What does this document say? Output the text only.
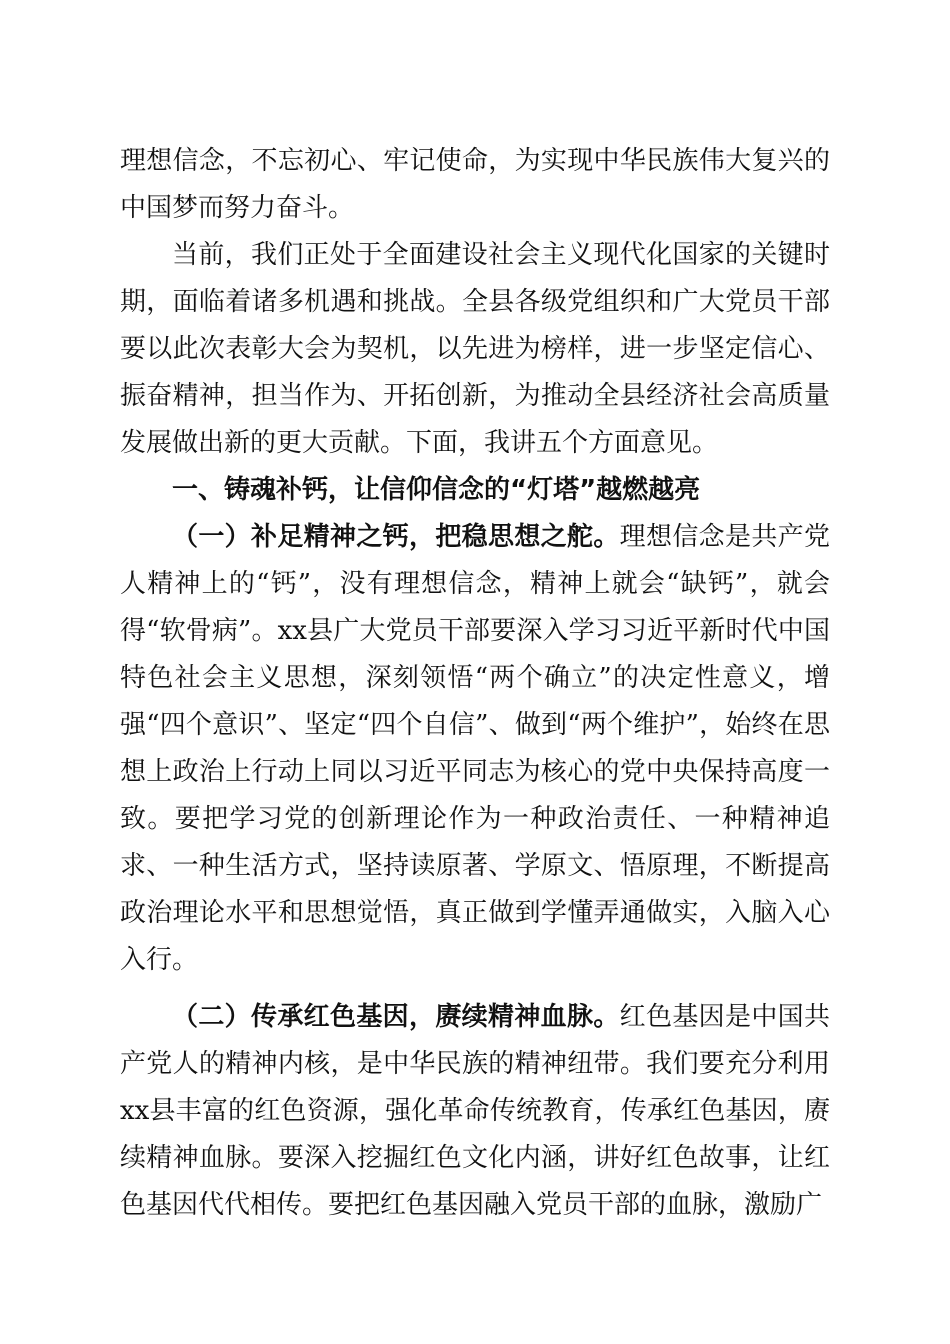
理想信念，不忘初心、牢记使命，为实现中华民族伟大复兴的中国梦而努力奋斗。

当前，我们正处于全面建设社会主义现代化国家的关键时期，面临着诸多机遇和挑战。全县各级党组织和广大党员干部要以此次表彰大会为契机，以先进为榜样，进一步坚定信心、振奋精神，担当作为、开拓创新，为推动全县经济社会高质量发展做出新的更大贡献。下面，我讲五个方面意见。

一、铸魂补钙，让信仰信念的“灯塔”越燃越亮

（一）补足精神之钙，把稳思想之舵。理想信念是共产党人精神上的“钙”，没有理想信念，精神上就会“缺钙”，就会得“软骨病”。xx县广大党员干部要深入学习习近平新时代中国特色社会主义思想，深刻领悟“两个确立”的决定性意义，增强“四个意识”、坚定“四个自信”、做到“两个维护”，始终在思想上政治上行动上同以习近平同志为核心的党中央保持高度一致。要把学习党的创新理论作为一种政治责任、一种精神追求、一种生活方式，坚持读原著、学原文、悟原理，不断提高政治理论水平和思想觉悟，真正做到学懂弄通做实，入脑入心入行。

（二）传承红色基因，赓续精神血脉。红色基因是中国共产党人的精神内核，是中华民族的精神纽带。我们要充分利用xx县丰富的红色资源，强化革命传统教育，传承红色基因，赓续精神血脉。要深入挖掘红色文化内涵，讲好红色故事，让红色基因代代相传。要把红色基因融入党员干部的血脉，激励广
